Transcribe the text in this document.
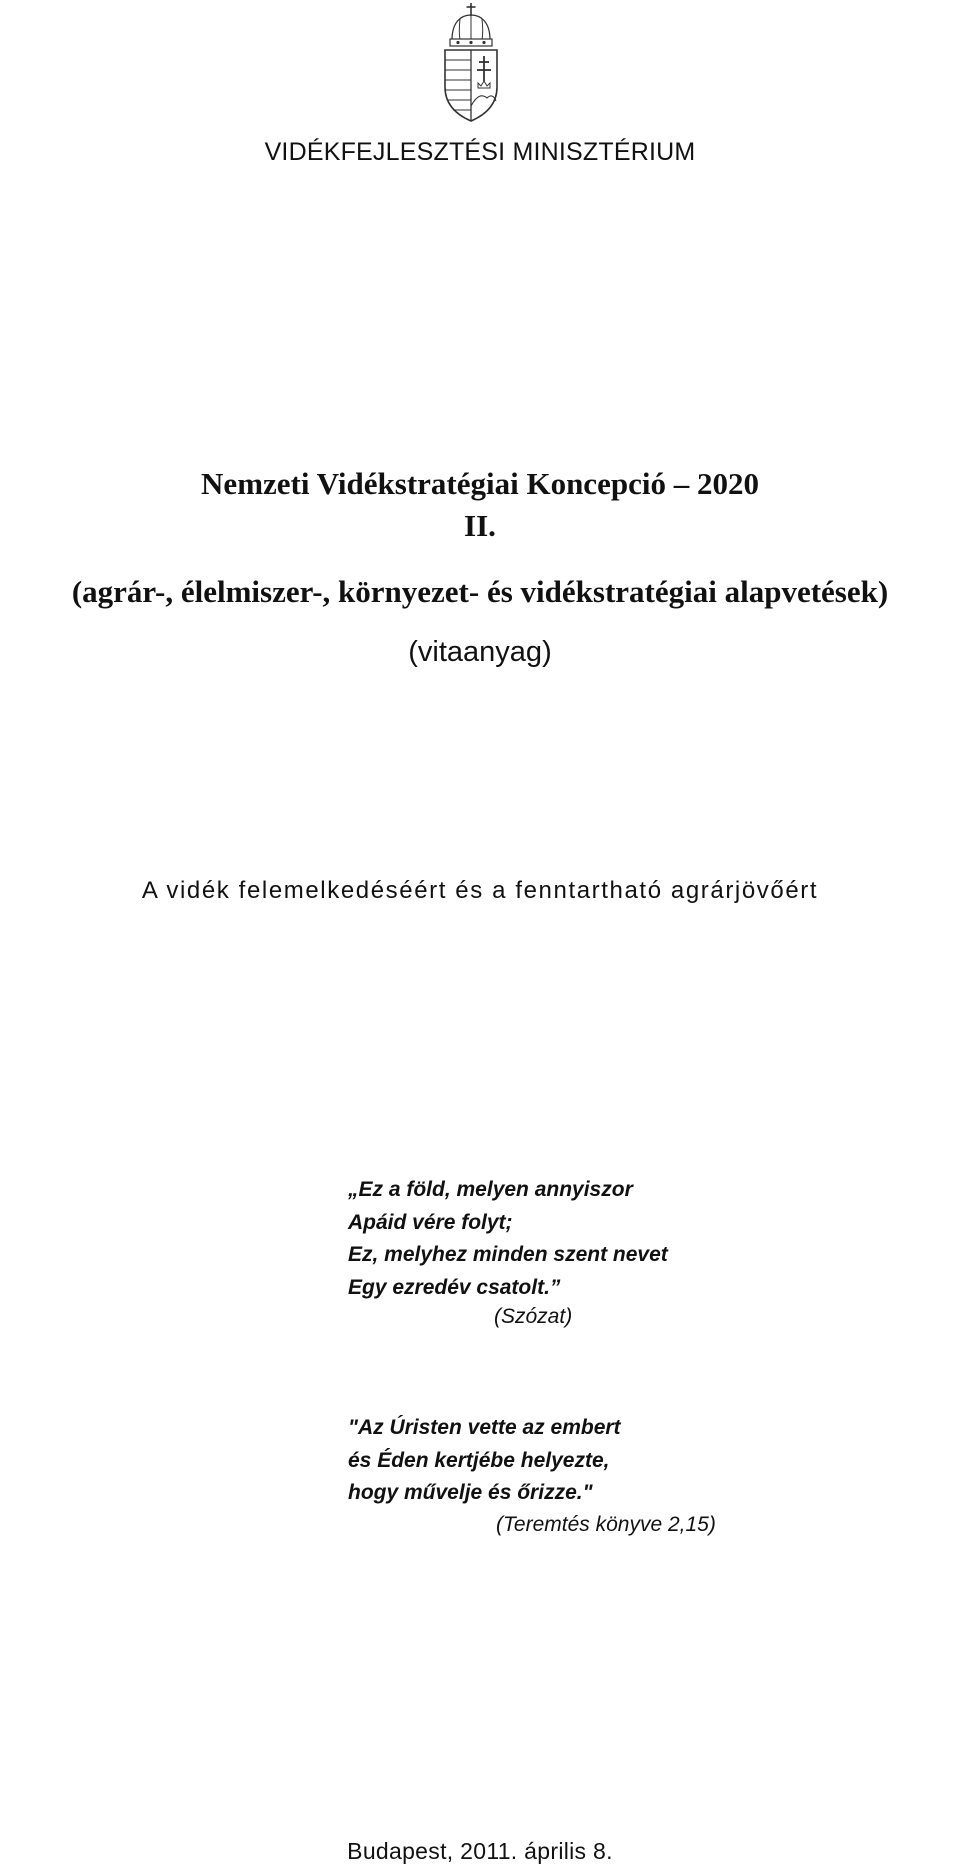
VIDÉKFEJLESZTÉSI MINISZTÉRIUM
Nemzeti Vidékstratégiai Koncepció – 2020
II.
(agrár-, élelmiszer-, környezet- és vidékstratégiai alapvetések)
(vitaanyag)
A vidék felemelkedéséért és a fenntartható agrárjövőért
„Ez a föld, melyen annyiszor
Apáid vére folyt;
Ez, melyhez minden szent nevet
Egy ezredév csatolt.”
(Szózat)
"Az Úristen vette az embert
és Éden kertjébe helyezte,
hogy művelje és őrizze."
(Teremtés könyve 2,15)
Budapest, 2011. április 8.
